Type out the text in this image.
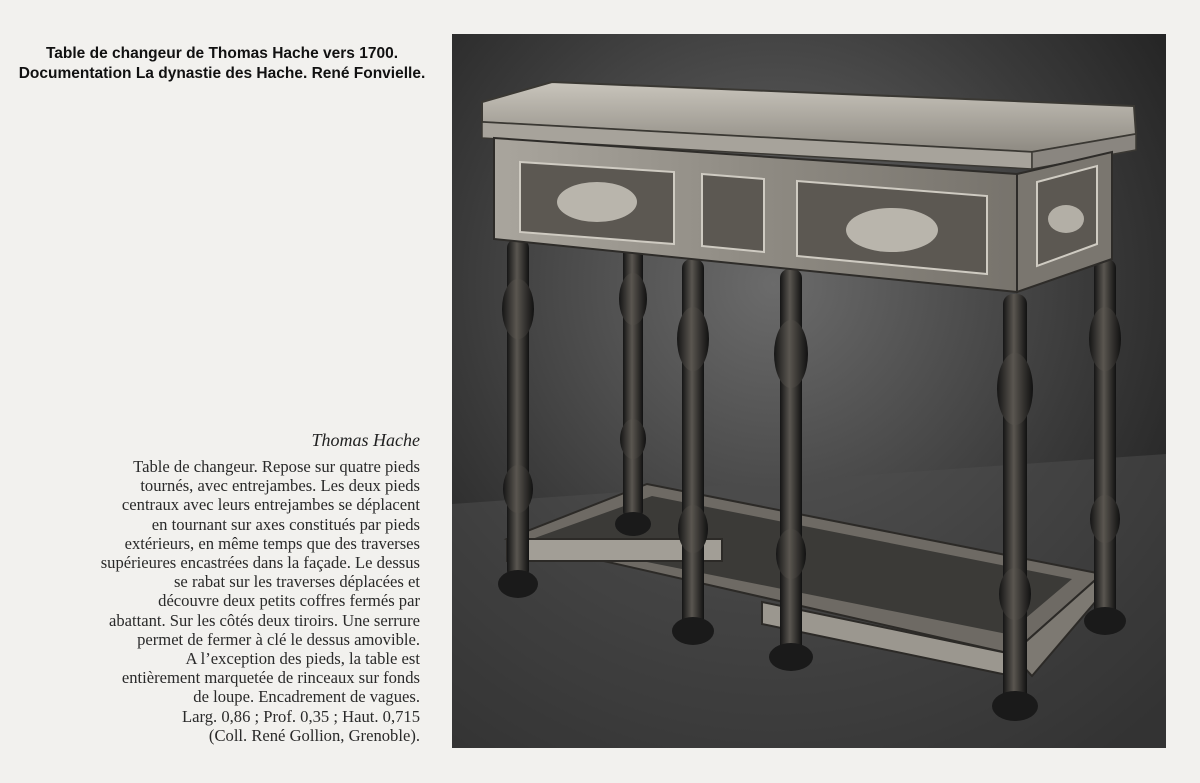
Table de changeur de Thomas Hache vers 1700.
Documentation La dynastie des Hache. René Fonvielle.
Thomas Hache
Table de changeur. Repose sur quatre pieds
tournés, avec entrejambes. Les deux pieds
centraux avec leurs entrejambes se déplacent
en tournant sur axes constitués par pieds
extérieurs, en même temps que des traverses
supérieures encastrées dans la façade. Le dessus
se rabat sur les traverses déplacées et
découvre deux petits coffres fermés par
abattant. Sur les côtés deux tiroirs. Une serrure
permet de fermer à clé le dessus amovible.
A l’exception des pieds, la table est
entièrement marquetée de rinceaux sur fonds
de loupe. Encadrement de vagues.
Larg. 0,86 ; Prof. 0,35 ; Haut. 0,715
(Coll. René Gollion, Grenoble).
